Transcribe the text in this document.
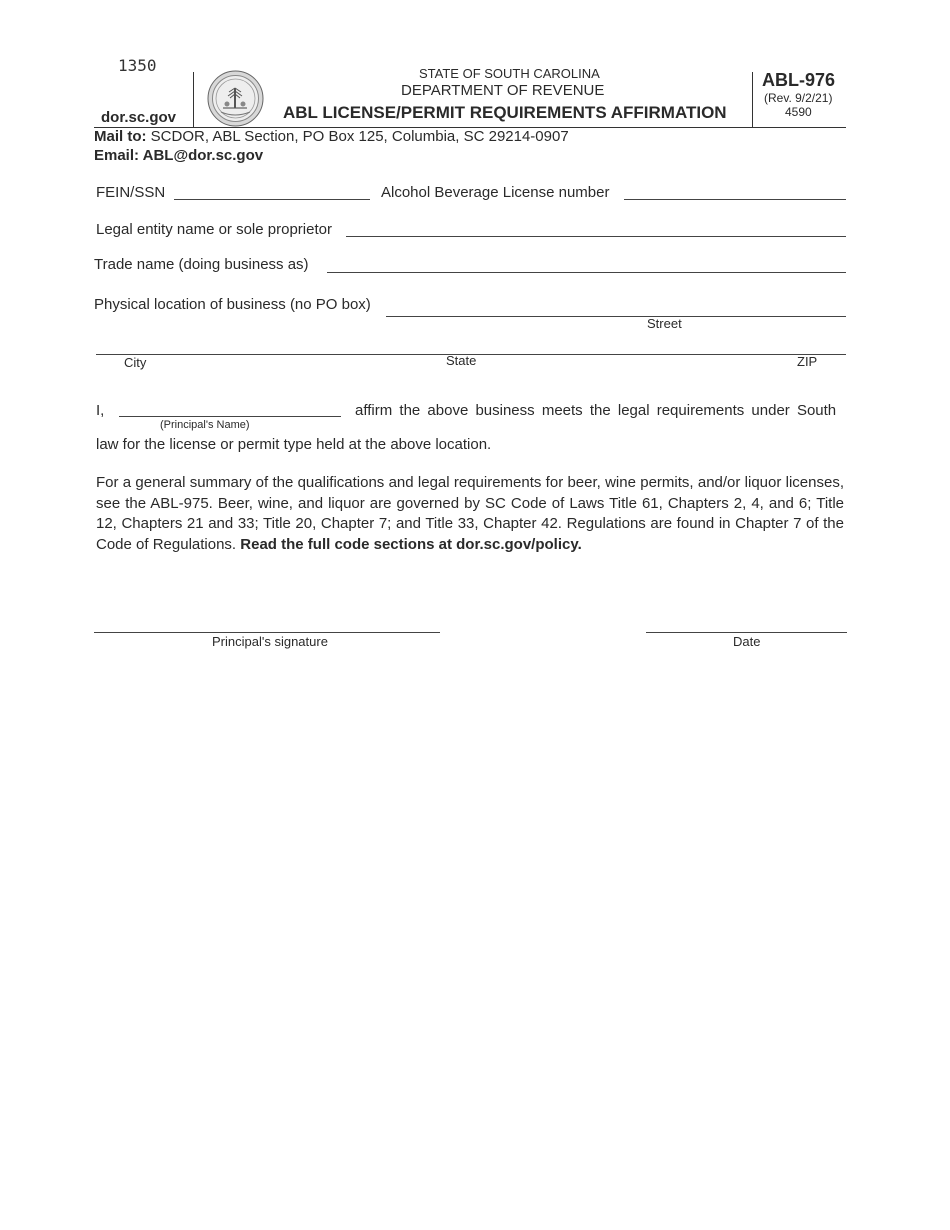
1350
dor.sc.gov
STATE OF SOUTH CAROLINA
DEPARTMENT OF REVENUE
ABL LICENSE/PERMIT REQUIREMENTS AFFIRMATION
ABL-976
(Rev. 9/2/21)
4590
Mail to: SCDOR, ABL Section, PO Box 125, Columbia, SC 29214-0907
Email: ABL@dor.sc.gov
FEIN/SSN	Alcohol Beverage License number
Legal entity name or sole proprietor
Trade name (doing business as)
Physical location of business (no PO box)
Street
City	State	ZIP
I,
(Principal's Name)
affirm the above business meets the legal requirements under South
law for the license or permit type held at the above location.

For a general summary of the qualifications and legal requirements for beer, wine permits, and/or liquor licenses, see the ABL-975. Beer, wine, and liquor are governed by SC Code of Laws Title 61, Chapters 2, 4, and 6; Title 12, Chapters 21 and 33; Title 20, Chapter 7; and Title 33, Chapter 42. Regulations are found in Chapter 7 of the Code of Regulations. Read the full code sections at dor.sc.gov/policy.

Principal's signature	Date
